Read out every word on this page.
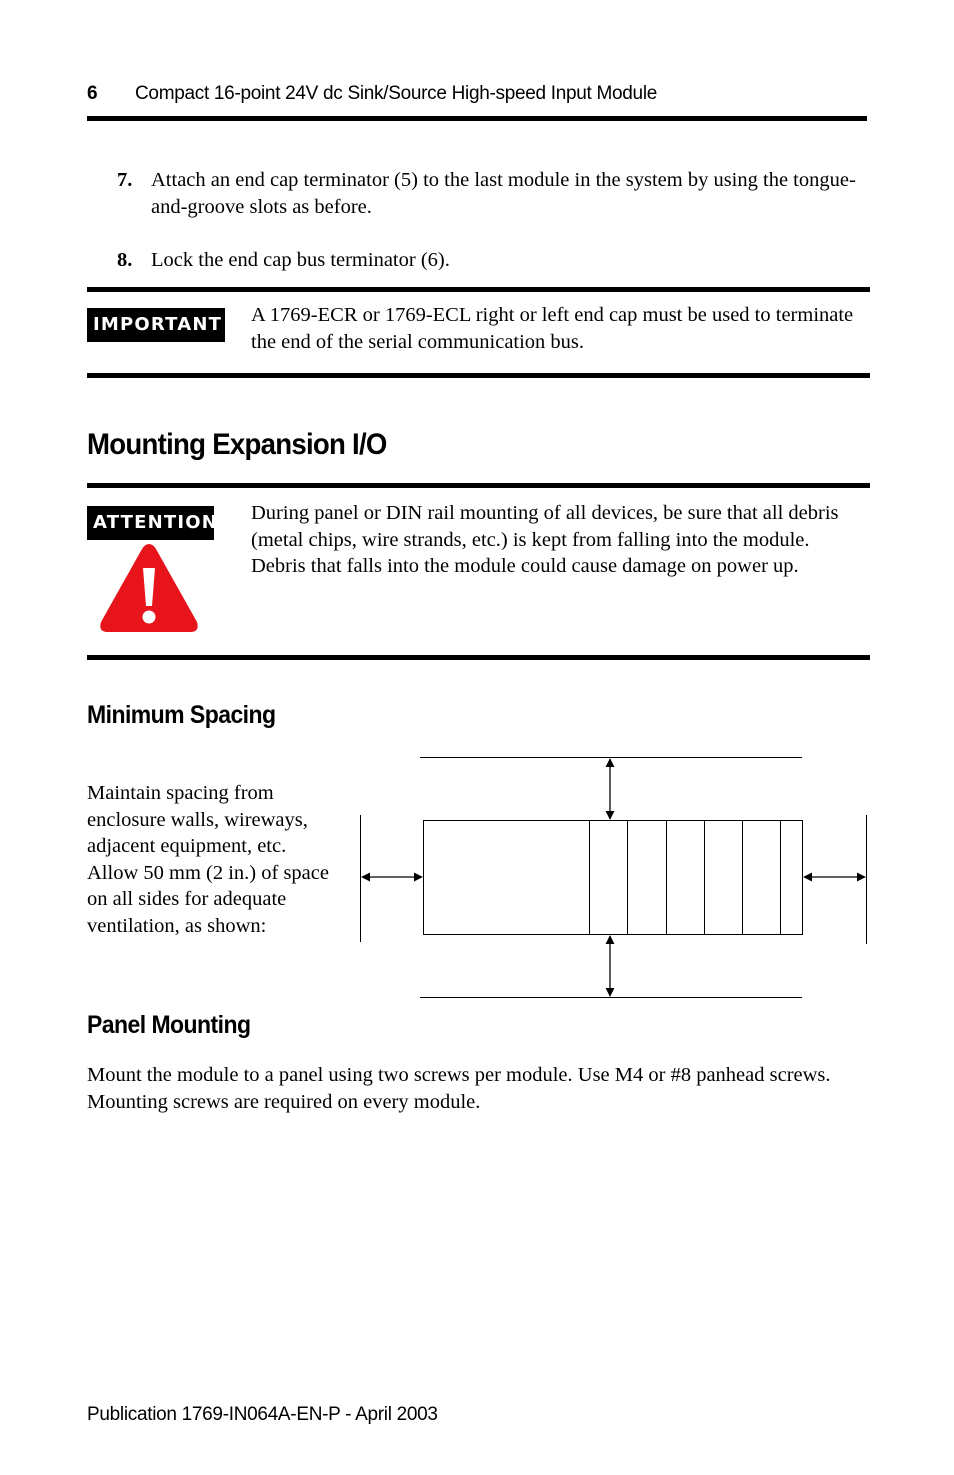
6 Compact 16-point 24V dc Sink/Source High-speed Input Module
7. Attach an end cap terminator (5) to the last module in the system by using the tongue-and-groove slots as before.
8. Lock the end cap bus terminator (6).
IMPORTANT A 1769-ECR or 1769-ECL right or left end cap must be used to terminate the end of the serial communication bus.
Mounting Expansion I/O
ATTENTION During panel or DIN rail mounting of all devices, be sure that all debris (metal chips, wire strands, etc.) is kept from falling into the module. Debris that falls into the module could cause damage on power up.
Minimum Spacing
Maintain spacing from enclosure walls, wireways, adjacent equipment, etc. Allow 50 mm (2 in.) of space on all sides for adequate ventilation, as shown:
Panel Mounting
Mount the module to a panel using two screws per module. Use M4 or #8 panhead screws. Mounting screws are required on every module.
Publication 1769-IN064A-EN-P - April 2003
